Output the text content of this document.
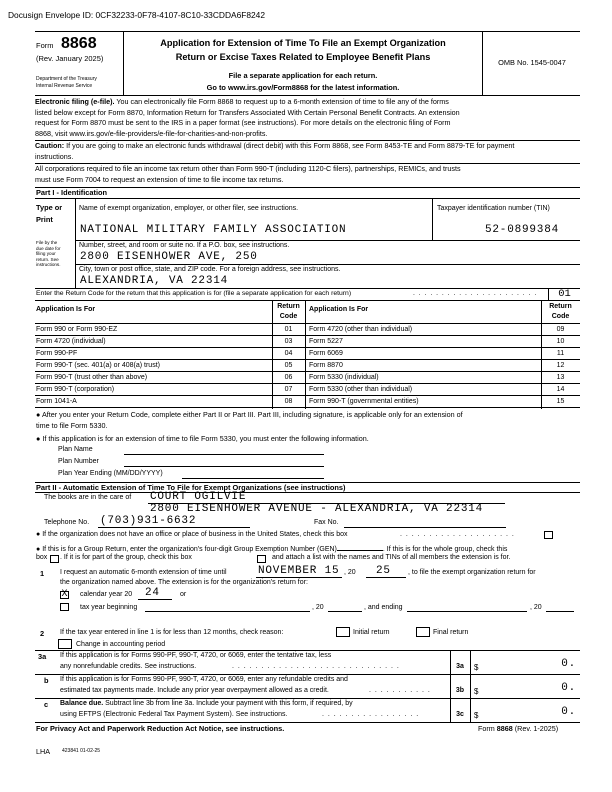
Docusign Envelope ID: 0CF32233-0F78-4107-8C10-33CDDA6F8242
Form 8868
(Rev. January 2025)
Department of the Treasury
Internal Revenue Service
Application for Extension of Time To File an Exempt Organization
Return or Excise Taxes Related to Employee Benefit Plans
File a separate application for each return.
Go to www.irs.gov/Form8868 for the latest information.
OMB No. 1545-0047
Electronic filing (e-file). You can electronically file Form 8868 to request up to a 6-month extension of time to file any of the forms
listed below except for Form 8870, Information Return for Transfers Associated With Certain Personal Benefit Contracts. An extension
request for Form 8870 must be sent to the IRS in a paper format (see instructions). For more details on the electronic filing of Form
8868, visit www.irs.gov/e-file-providers/e-file-for-charities-and-non-profits.
Caution: If you are going to make an electronic funds withdrawal (direct debit) with this Form 8868, see Form 8453-TE and Form 8879-TE for payment
instructions.
All corporations required to file an income tax return other than Form 990-T (including 1120-C filers), partnerships, REMICs, and trusts
must use Form 7004 to request an extension of time to file income tax returns.
Part I - Identification
Type or
Print
File by the
due date for
filing your
return. See
instructions.
Name of exempt organization, employer, or other filer, see instructions.
NATIONAL MILITARY FAMILY ASSOCIATION
Taxpayer identification number (TIN)
52-0899384
Number, street, and room or suite no. If a P.O. box, see instructions.
2800 EISENHOWER AVE, 250
City, town or post office, state, and ZIP code. For a foreign address, see instructions.
ALEXANDRIA, VA 22314
Enter the Return Code for the return that this application is for (file a separate application for each return)	. . . . . . . . . . . . . . . . . . . . . .	01
Application Is For	Return
Code
Application Is For	Return
Code
Form 990 or Form 990-EZ	01	Form 4720 (other than individual)	09
Form 4720 (individual)	03	Form 5227	10
Form 990-PF	04	Form 6069	11
Form 990-T (sec. 401(a) or 408(a) trust)	05	Form 8870	12
Form 990-T (trust other than above)	06	Form 5330 (individual)	13
Form 990-T (corporation)	07	Form 5330 (other than individual)	14
Form 1041-A	08	Form 990-T (governmental entities)	15
● After you enter your Return Code, complete either Part II or Part III. Part III, including signature, is applicable only for an extension of
time to file Form 5330.
● If this application is for an extension of time to file Form 5330, you must enter the following information.
Plan Name
Plan Number
Plan Year Ending (MM/DD/YYYY)
Part II - Automatic Extension of Time To File for Exempt Organizations (see instructions)
The books are in the care of COURT OGILVIE
2800 EISENHOWER AVENUE - ALEXANDRIA, VA 22314
Telephone No. (703)931-6632	Fax No.
● If the organization does not have an office or place of business in the United States, check this box	. . . . . . . . . . . . . . . . . . . .
● If this is for a Group Return, enter the organization's four-digit Group Exemption Number (GEN)	. If this is for the whole group, check this
box . If it is for part of the group, check this box	and attach a list with the names and TINs of all members the extension is for.
1 I request an automatic 6-month extension of time until	NOVEMBER 15 , 20 25 , to file the exempt organization return for
the organization named above. The extension is for the organization's return for:
X calendar year 20 24	or
tax year beginning	, 20	, and ending	, 20
2 If the tax year entered in line 1 is for less than 12 months, check reason:	Initial return	Final return
Change in accounting period
3a If this application is for Forms 990-PF, 990-T, 4720, or 6069, enter the tentative tax, less
any nonrefundable credits. See instructions.	. . . . . . . . . . . . . . . . . . . . . . . . . . . . .	3a	$	0.
b If this application is for Forms 990-PF, 990-T, 4720, or 6069, enter any refundable credits and
estimated tax payments made. Include any prior year overpayment allowed as a credit.	. . . . . . . . . . .	3b	$	0.
c Balance due. Subtract line 3b from line 3a. Include your payment with this form, if required, by
using EFTPS (Electronic Federal Tax Payment System). See instructions.	. . . . . . . . . . . . . . . . .	3c	$	0.
For Privacy Act and Paperwork Reduction Act Notice, see instructions.	Form 8868 (Rev. 1-2025)
LHA 423841 01-02-25
